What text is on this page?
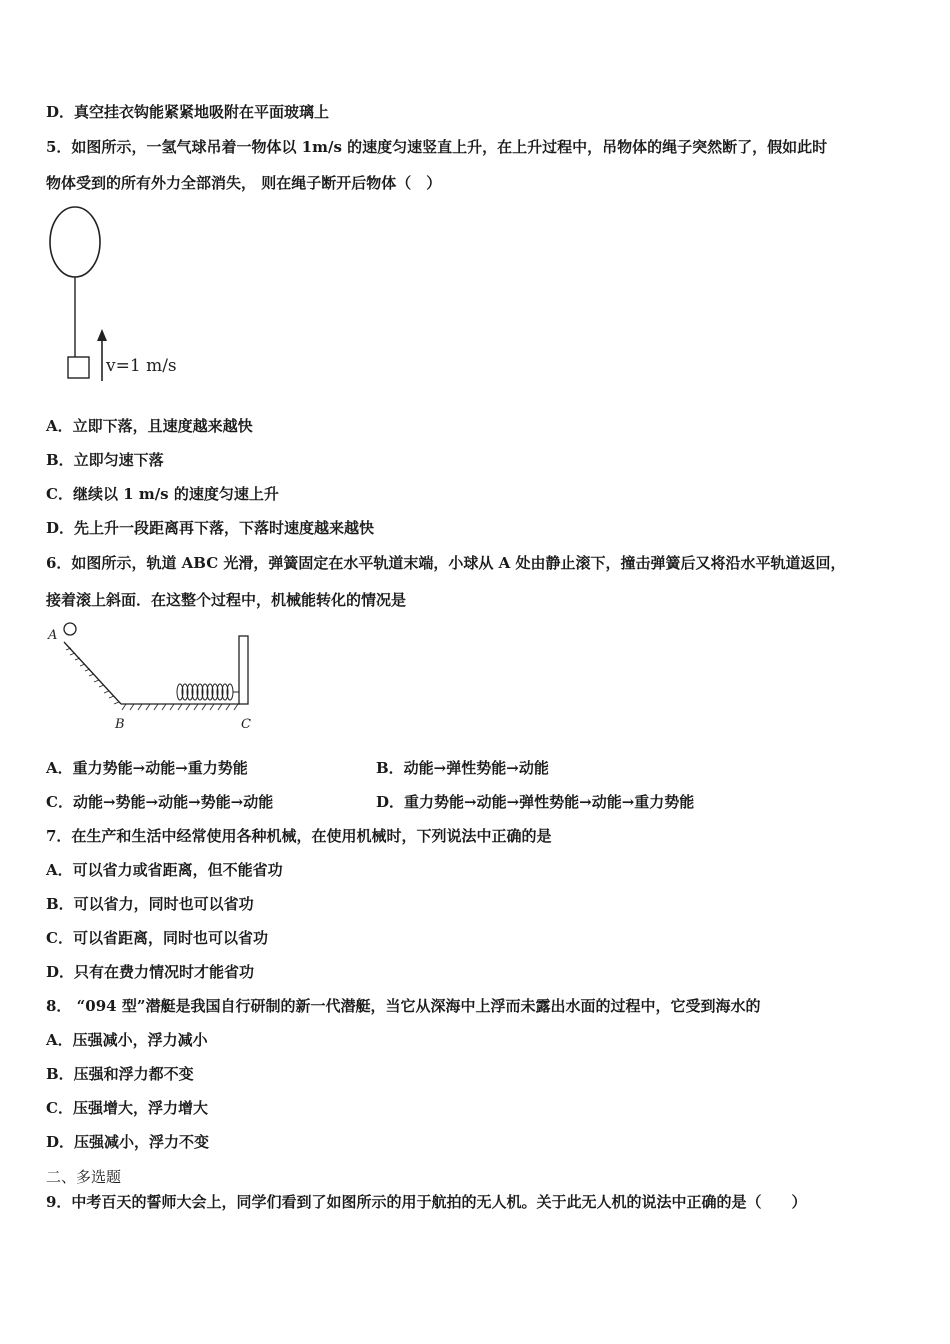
D．真空挂衣钩能紧紧地吸附在平面玻璃上
5．如图所示，一氢气球吊着一物体以 1m/s 的速度匀速竖直上升，在上升过程中，吊物体的绳子突然断了，假如此时
物体受到的所有外力全部消失， 则在绳子断开后物体（　）
v=1 m/s
A．立即下落，且速度越来越快
B．立即匀速下落
C．继续以 1 m/s 的速度匀速上升
D．先上升一段距离再下落，下落时速度越来越快
6．如图所示，轨道 ABC 光滑，弹簧固定在水平轨道末端，小球从 A 处由静止滚下，撞击弹簧后又将沿水平轨道返回，
接着滚上斜面．在这整个过程中，机械能转化的情况是
A
B	C
A．重力势能→动能→重力势能	B．动能→弹性势能→动能
C．动能→势能→动能→势能→动能	D．重力势能→动能→弹性势能→动能→重力势能
7．在生产和生活中经常使用各种机械，在使用机械时，下列说法中正确的是
A．可以省力或省距离，但不能省功
B．可以省力，同时也可以省功
C．可以省距离，同时也可以省功
D．只有在费力情况时才能省功
8． “094 型”潜艇是我国自行研制的新一代潜艇，当它从深海中上浮而未露出水面的过程中，它受到海水的
A．压强减小，浮力减小
B．压强和浮力都不变
C．压强增大，浮力增大
D．压强减小，浮力不变
二、多选题
9．中考百天的誓师大会上，同学们看到了如图所示的用于航拍的无人机。关于此无人机的说法中正确的是（　　）
